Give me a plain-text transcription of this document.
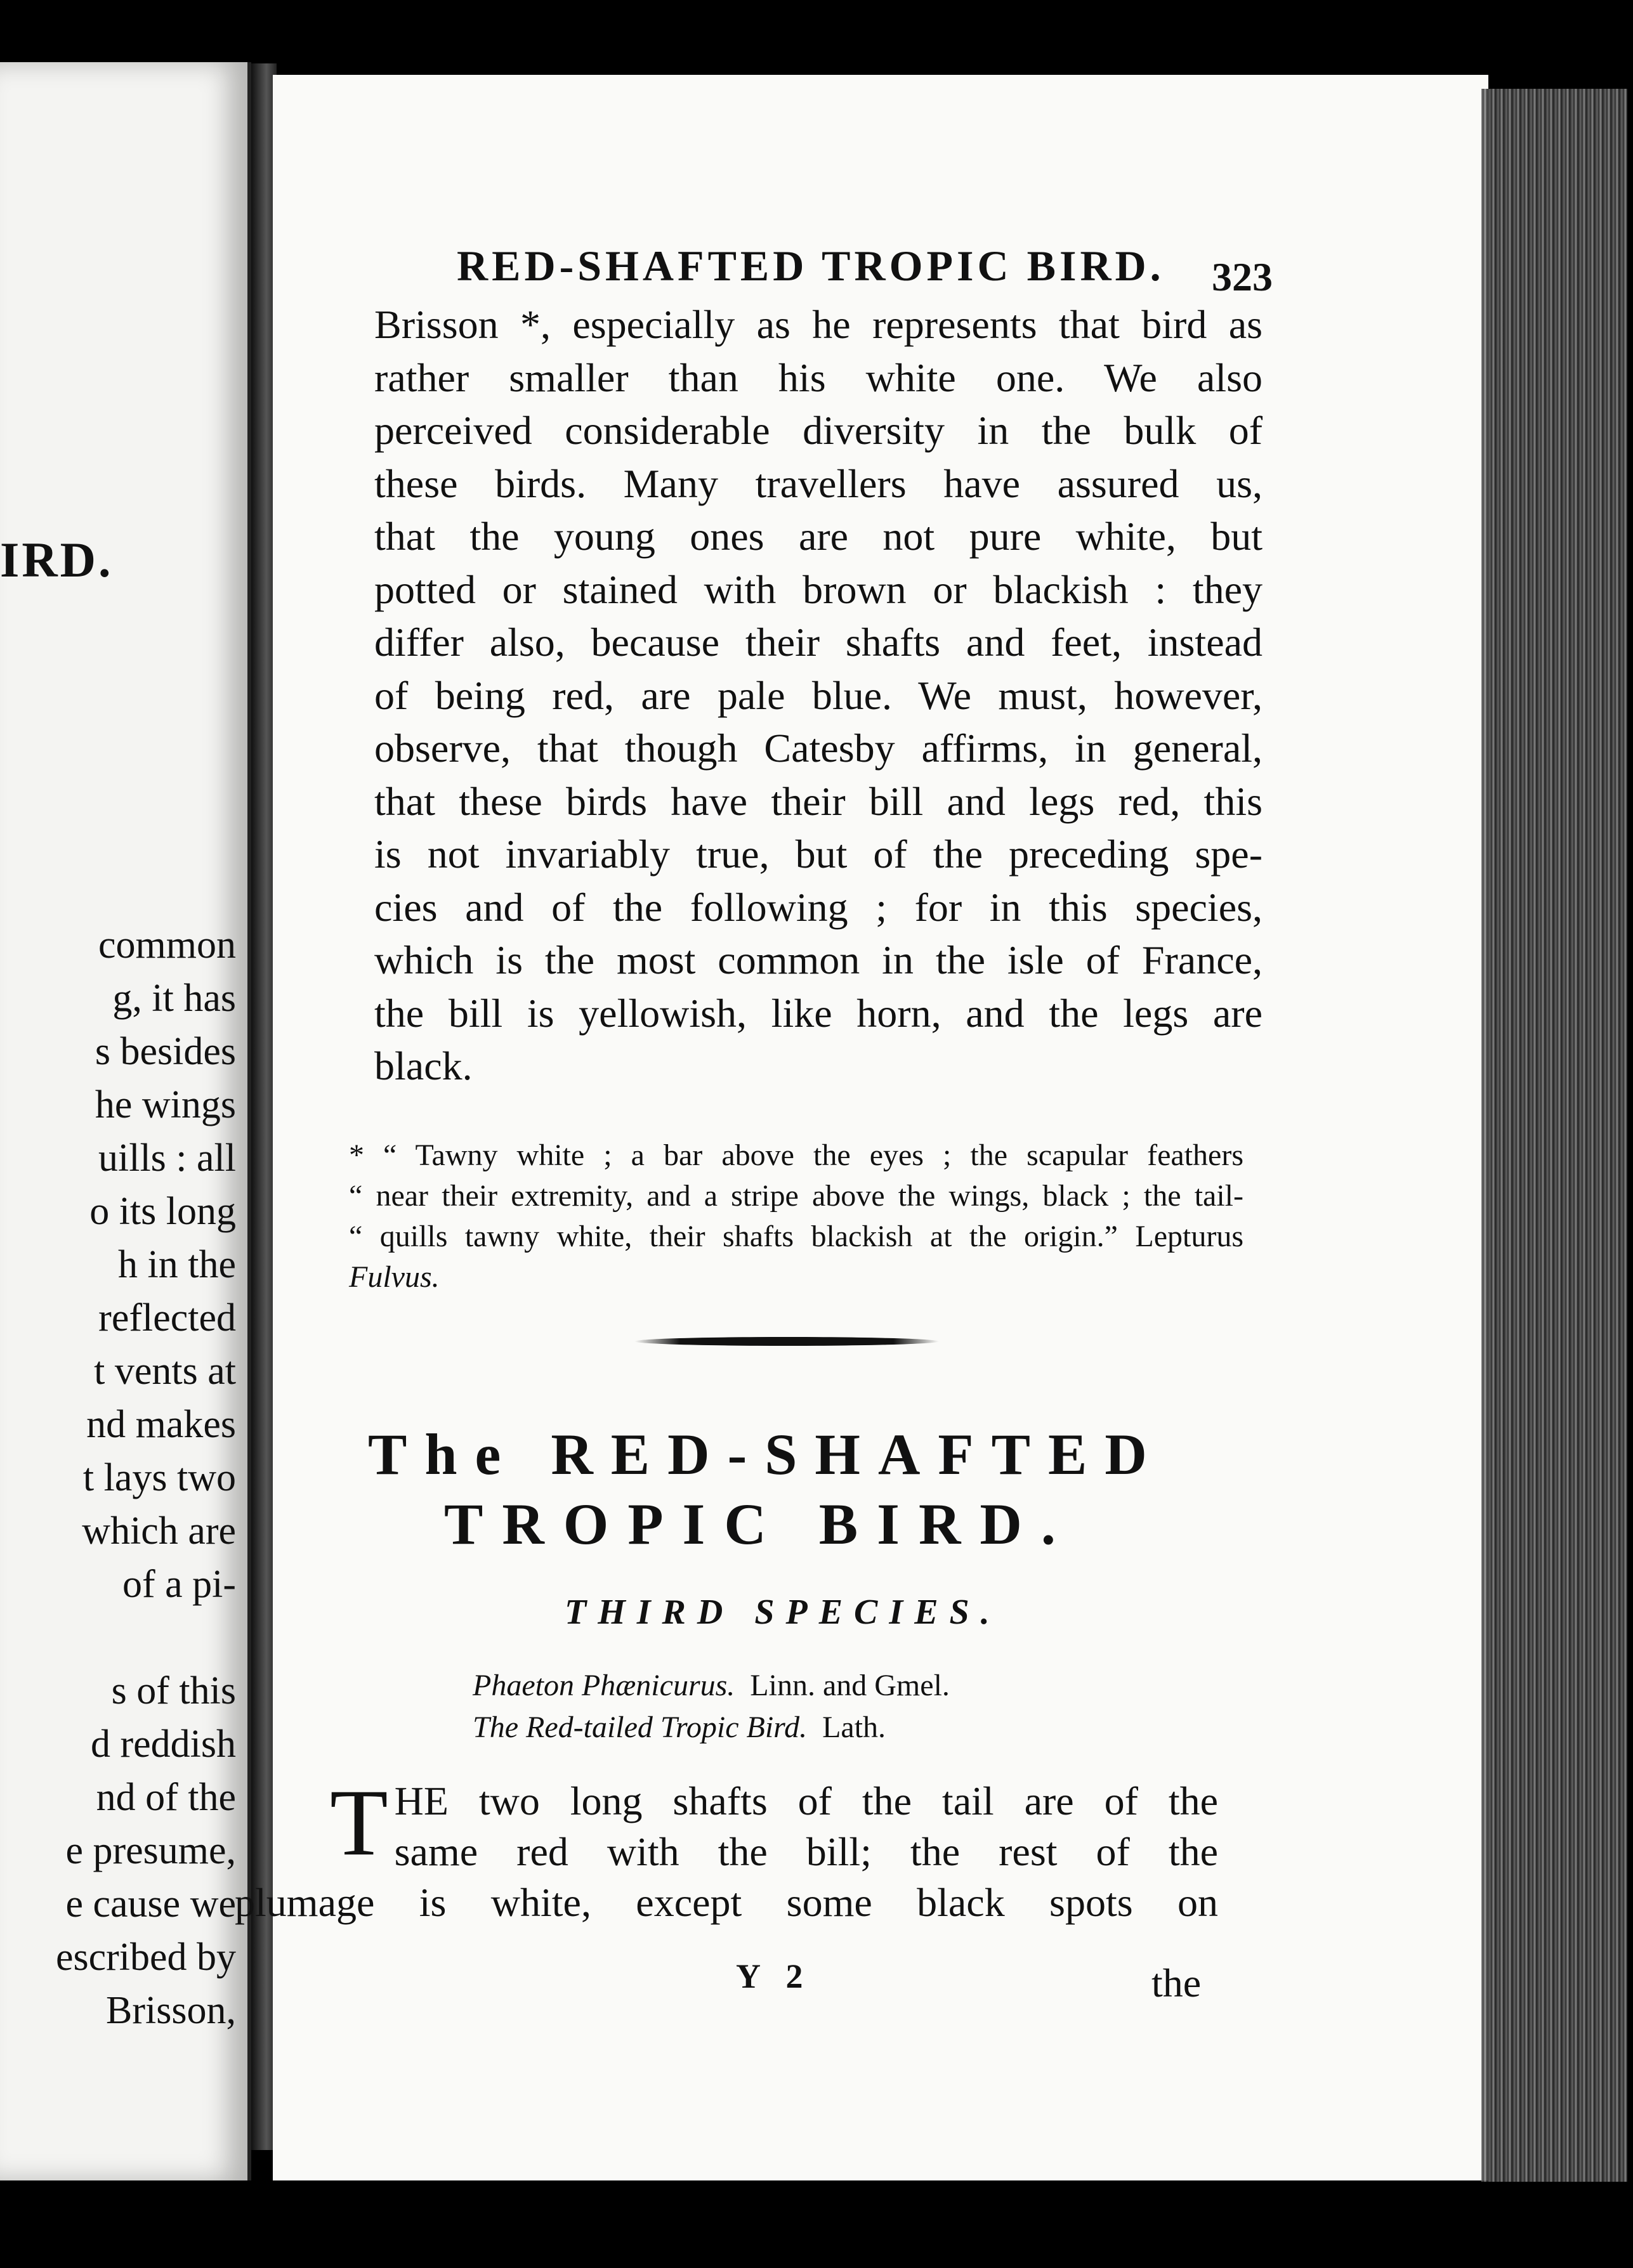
IRD.
common
g, it has
s besides
he wings
uills : all
o its long
h in the
reflected
t vents at
nd makes
t lays two
which are
of a pi-

s of this
d reddish
nd of the
e presume,
e cause we
escribed by
Brisson,
RED-SHAFTED TROPIC BIRD.	323
Brisson *, especially as he represents that bird as
rather smaller than his white one. We also
perceived considerable diversity in the bulk of
these birds. Many travellers have assured us,
that the young ones are not pure white, but
potted or stained with brown or blackish : they
differ also, because their shafts and feet, instead
of being red, are pale blue. We must, however,
observe, that though Catesby affirms, in general,
that these birds have their bill and legs red, this
is not invariably true, but of the preceding spe-
cies and of the following ; for in this species,
which is the most common in the isle of France,
the bill is yellowish, like horn, and the legs are
black.
* “ Tawny white ; a bar above the eyes ; the scapular feathers
“ near their extremity, and a stripe above the wings, black ; the tail-
“ quills tawny white, their shafts blackish at the origin.” Lepturus
Fulvus.
The RED-SHAFTED
TROPIC BIRD.
THIRD SPECIES.
Phaeton Phænicurus. Linn. and Gmel.
The Red-tailed Tropic Bird. Lath.
T HE two long shafts of the tail are of the
same red with the bill; the rest of the
plumage is white, except some black spots on
Y 2	the
